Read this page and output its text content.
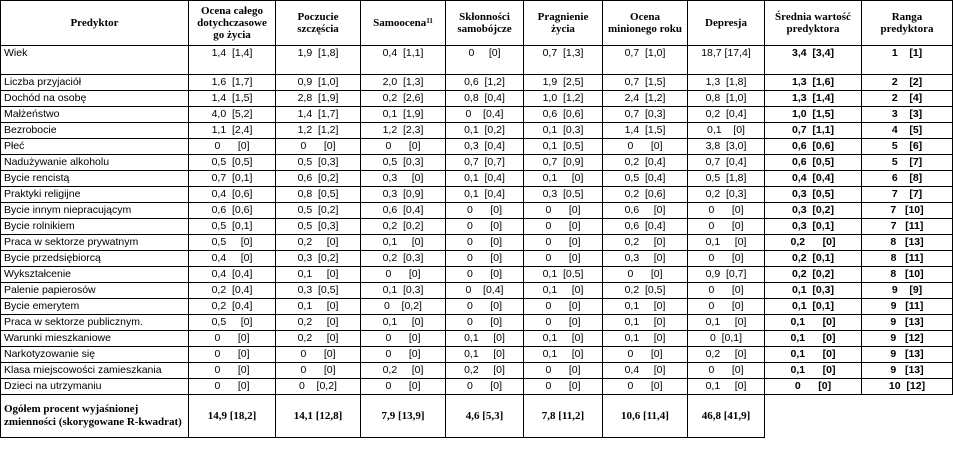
Predyktor	Ocena całego dotychczasowe go życia	Poczucie szczęścia	Samoocena$^{11}$	Skłonności samobójcze	Pragnienie życia	Ocena minionego roku	Depresja	Średnia wartość predyktora	Ranga predyktora
Wiek	1,4  [1,4]	1,9  [1,8]	0,4  [1,1]	0     [0]	0,7  [1,3]	0,7  [1,0]	18,7 [17,4]	3,4  [3,4]	1    [1]
Liczba przyjaciół	1,6  [1,7]	0,9  [1,0]	2,0  [1,3]	0,6  [1,2]	1,9  [2,5]	0,7  [1,5]	1,3  [1,8]	1,3  [1,6]	2    [2]
Dochód na osobę	1,4  [1,5]	2,8  [1,9]	0,2  [2,6]	0,8  [0,4]	1,0  [1,2]	2,4  [1,2]	0,8  [1,0]	1,3  [1,4]	2    [4]
Małżeństwo	4,0  [5,2]	1,4  [1,7]	0,1  [1,9]	0    [0,4]	0,6  [0,6]	0,7  [0,3]	0,2  [0,4]	1,0  [1,5]	3    [3]
Bezrobocie	1,1  [2,4]	1,2  [1,2]	1,2  [2,3]	0,1  [0,2]	0,1  [0,3]	1,4  [1,5]	0,1    [0]	0,7  [1,1]	4    [5]
Płeć	0      [0]	0      [0]	0      [0]	0,3  [0,4]	0,1  [0,5]	0      [0]	3,8  [3,0]	0,6  [0,6]	5    [6]
Nadużywanie alkoholu	0,5  [0,5]	0,5  [0,3]	0,5  [0,3]	0,7  [0,7]	0,7  [0,9]	0,2  [0,4]	0,7  [0,4]	0,6  [0,5]	5    [7]
Bycie rencistą	0,7  [0,1]	0,6  [0,2]	0,3     [0]	0,1  [0,4]	0,1     [0]	0,5  [0,4]	0,5  [1,8]	0,4  [0,4]	6    [8]
Praktyki religijne	0,4  [0,6]	0,8  [0,5]	0,3  [0,9]	0,1  [0,4]	0,3  [0,5]	0,2  [0,6]	0,2  [0,3]	0,3  [0,5]	7    [7]
Bycie innym niepracującym	0,6  [0,6]	0,5  [0,2]	0,6  [0,4]	0      [0]	0      [0]	0,6     [0]	0      [0]	0,3  [0,2]	7   [10]
Bycie rolnikiem	0,5  [0,1]	0,5  [0,3]	0,2  [0,2]	0      [0]	0      [0]	0,6  [0,4]	0      [0]	0,3  [0,1]	7   [11]
Praca w sektorze prywatnym	0,5     [0]	0,2     [0]	0,1     [0]	0      [0]	0      [0]	0,2     [0]	0,1     [0]	0,2      [0]	8   [13]
Bycie przedsiębiorcą	0,4     [0]	0,3  [0,2]	0,2  [0,3]	0      [0]	0      [0]	0,3     [0]	0      [0]	0,2  [0,1]	8   [11]
Wykształcenie	0,4  [0,4]	0,1     [0]	0      [0]	0      [0]	0,1  [0,5]	0      [0]	0,9  [0,7]	0,2  [0,2]	8   [10]
Palenie papierosów	0,2  [0,4]	0,3  [0,5]	0,1  [0,3]	0    [0,4]	0,1     [0]	0,2  [0,5]	0      [0]	0,1  [0,3]	9    [9]
Bycie emerytem	0,2  [0,4]	0,1     [0]	0    [0,2]	0      [0]	0      [0]	0,1     [0]	0      [0]	0,1  [0,1]	9   [11]
Praca w sektorze publicznym.	0,5     [0]	0,2     [0]	0,1     [0]	0      [0]	0      [0]	0,1     [0]	0,1     [0]	0,1      [0]	9   [13]
Warunki mieszkaniowe	0      [0]	0,2     [0]	0      [0]	0,1     [0]	0,1     [0]	0,1     [0]	0  [0,1]	0,1      [0]	9   [12]
Narkotyzowanie się	0      [0]	0      [0]	0      [0]	0,1     [0]	0,1     [0]	0      [0]	0,2     [0]	0,1      [0]	9   [13]
Klasa miejscowości zamieszkania	0      [0]	0      [0]	0,2     [0]	0,2     [0]	0      [0]	0,4     [0]	0      [0]	0,1      [0]	9   [13]
Dzieci na utrzymaniu	0      [0]	0    [0,2]	0      [0]	0      [0]	0      [0]	0      [0]	0,1     [0]	0      [0]	10  [12]
Ogółem procent wyjaśnionej zmienności (skorygowane R-kwadrat)	14,9 [18,2]	14,1 [12,8]	7,9 [13,9]	4,6 [5,3]	7,8 [11,2]	10,6 [11,4]	46,8 [41,9]		
